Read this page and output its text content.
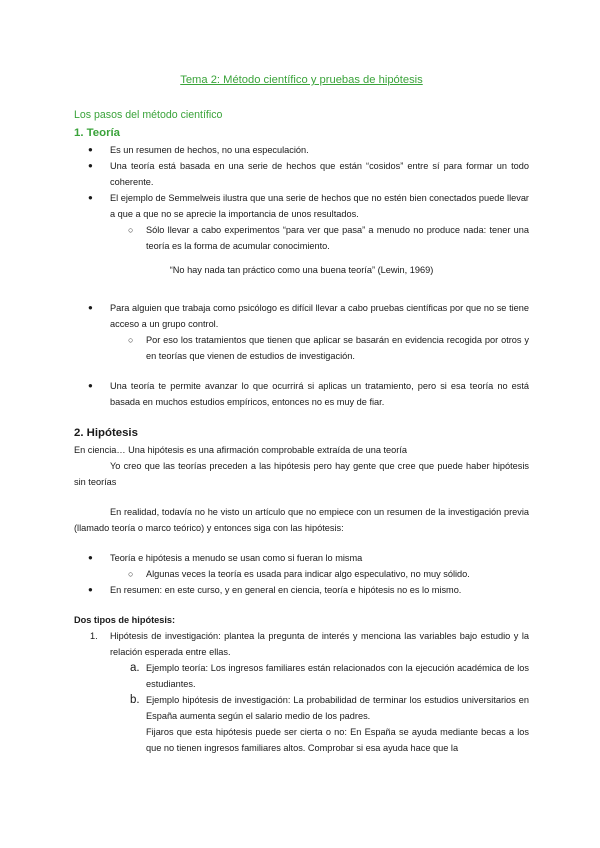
Tema 2: Método científico y pruebas de hipótesis
Los pasos del método científico
1. Teoría
● Es un resumen de hechos, no una especulación.
● Una teoría está basada en una serie de hechos que están “cosidos” entre sí para formar un todo coherente.
● El ejemplo de Semmelweis ilustra que una serie de hechos que no estén bien conectados puede llevar a que a que no se aprecie la importancia de unos resultados.
○ Sólo llevar a cabo experimentos “para ver que pasa” a menudo no produce nada: tener una teoría es la forma de acumular conocimiento.
“No hay nada tan práctico como una buena teoría” (Lewin, 1969)
● Para alguien que trabaja como psicólogo es difícil llevar a cabo pruebas científicas por que no se tiene acceso a un grupo control.
○ Por eso los tratamientos que tienen que aplicar se basarán en evidencia recogida por otros y en teorías que vienen de estudios de investigación.
● Una teoría te permite avanzar lo que ocurrirá si aplicas un tratamiento, pero si esa teoría no está basada en muchos estudios empíricos, entonces no es muy de fiar.
2. Hipótesis

En ciencia… Una hipótesis es una afirmación comprobable extraída de una teoría

Yo creo que las teorías preceden a las hipótesis pero hay gente que cree que puede haber hipótesis sin teorías

En realidad, todavía no he visto un artículo que no empiece con un resumen de la investigación previa (llamado teoría o marco teórico) y entonces siga con las hipótesis:

● Teoría e hipótesis a menudo se usan como si fueran lo misma
○ Algunas veces la teoría es usada para indicar algo especulativo, no muy sólido.
● En resumen: en este curso, y en general en ciencia, teoría e hipótesis no es lo mismo.
Dos tipos de hipótesis:
1. Hipótesis de investigación: plantea la pregunta de interés y menciona las variables bajo estudio y la relación esperada entre ellas.
a. Ejemplo teoría: Los ingresos familiares están relacionados con la ejecución académica de los estudiantes.
b. Ejemplo hipótesis de investigación: La probabilidad de terminar los estudios universitarios en España aumenta según el salario medio de los padres.
Fijaros que esta hipótesis puede ser cierta o no: En España se ayuda mediante becas a los que no tienen ingresos familiares altos. Comprobar si esa ayuda hace que la
